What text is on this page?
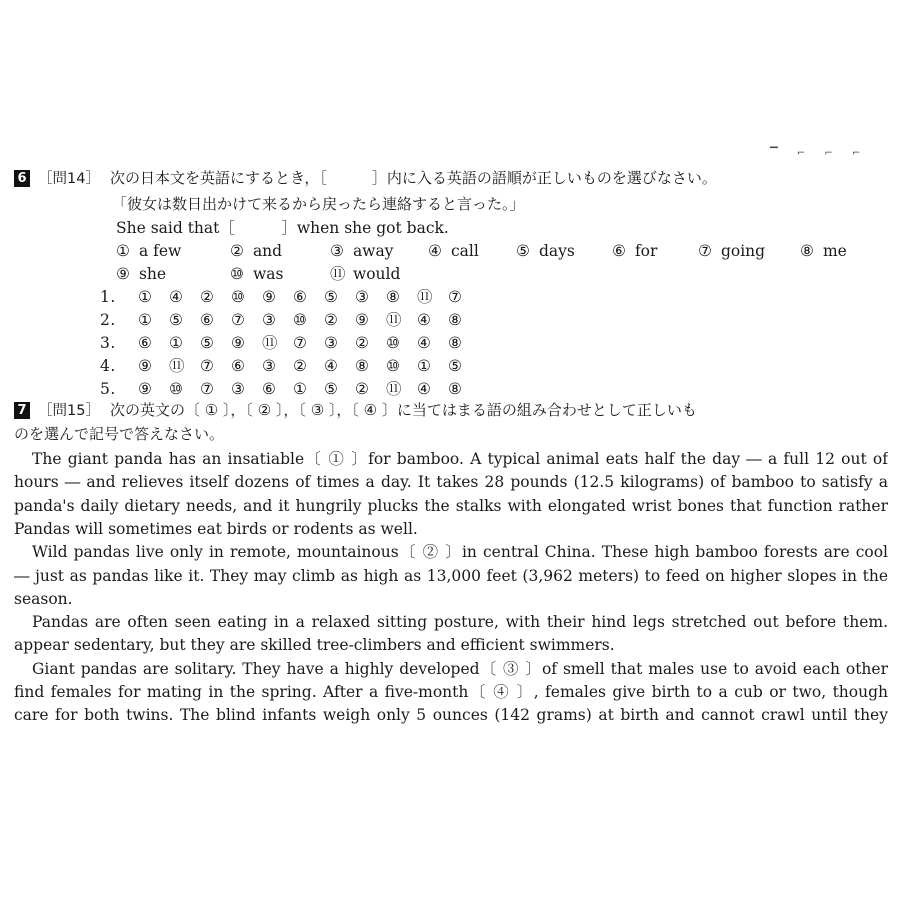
▔ ⌐ ⌐ ⌐
6 ［問14］ 次の日本文を英語にするとき，［　　　］内に入る英語の語順が正しいものを選びなさい。
「彼女は数日出かけて来るから戻ったら連絡すると言った。」
She said that［　　　］when she got back.
① a few	② and	③ away ④ call ⑤ days ⑥ for	⑦ going ⑧ me
⑨ she	⑩ was	⑪ would
1. ① ④ ② ⑩ ⑨ ⑥ ⑤ ③ ⑧ ⑪ ⑦
2. ① ⑤ ⑥ ⑦ ③ ⑩ ② ⑨ ⑪ ④ ⑧
3. ⑥ ① ⑤ ⑨ ⑪ ⑦ ③ ② ⑩ ④ ⑧
4. ⑨ ⑪ ⑦ ⑥ ③ ② ④ ⑧ ⑩ ① ⑤
5. ⑨ ⑩ ⑦ ③ ⑥ ① ⑤ ② ⑪ ④ ⑧
7 ［問15］ 次の英文の〔 ① 〕，〔 ② 〕，〔 ③ 〕，〔 ④ 〕に当てはまる語の組み合わせとして正しいも
のを選んで記号で答えなさい。
The giant panda has an insatiable〔 ① 〕for bamboo. A typical animal eats half the day ― a full 12 out of
hours ― and relieves itself dozens of times a day. It takes 28 pounds (12.5 kilograms) of bamboo to satisfy a
panda's daily dietary needs, and it hungrily plucks the stalks with elongated wrist bones that function rather
Pandas will sometimes eat birds or rodents as well.
Wild pandas live only in remote, mountainous〔 ② 〕in central China. These high bamboo forests are cool
― just as pandas like it. They may climb as high as 13,000 feet (3,962 meters) to feed on higher slopes in the
season.
Pandas are often seen eating in a relaxed sitting posture, with their hind legs stretched out before them.
appear sedentary, but they are skilled tree-climbers and efficient swimmers.
Giant pandas are solitary. They have a highly developed〔 ③ 〕of smell that males use to avoid each other
find females for mating in the spring. After a five-month〔 ④ 〕, females give birth to a cub or two, though
care for both twins. The blind infants weigh only 5 ounces (142 grams) at birth and cannot crawl until they
